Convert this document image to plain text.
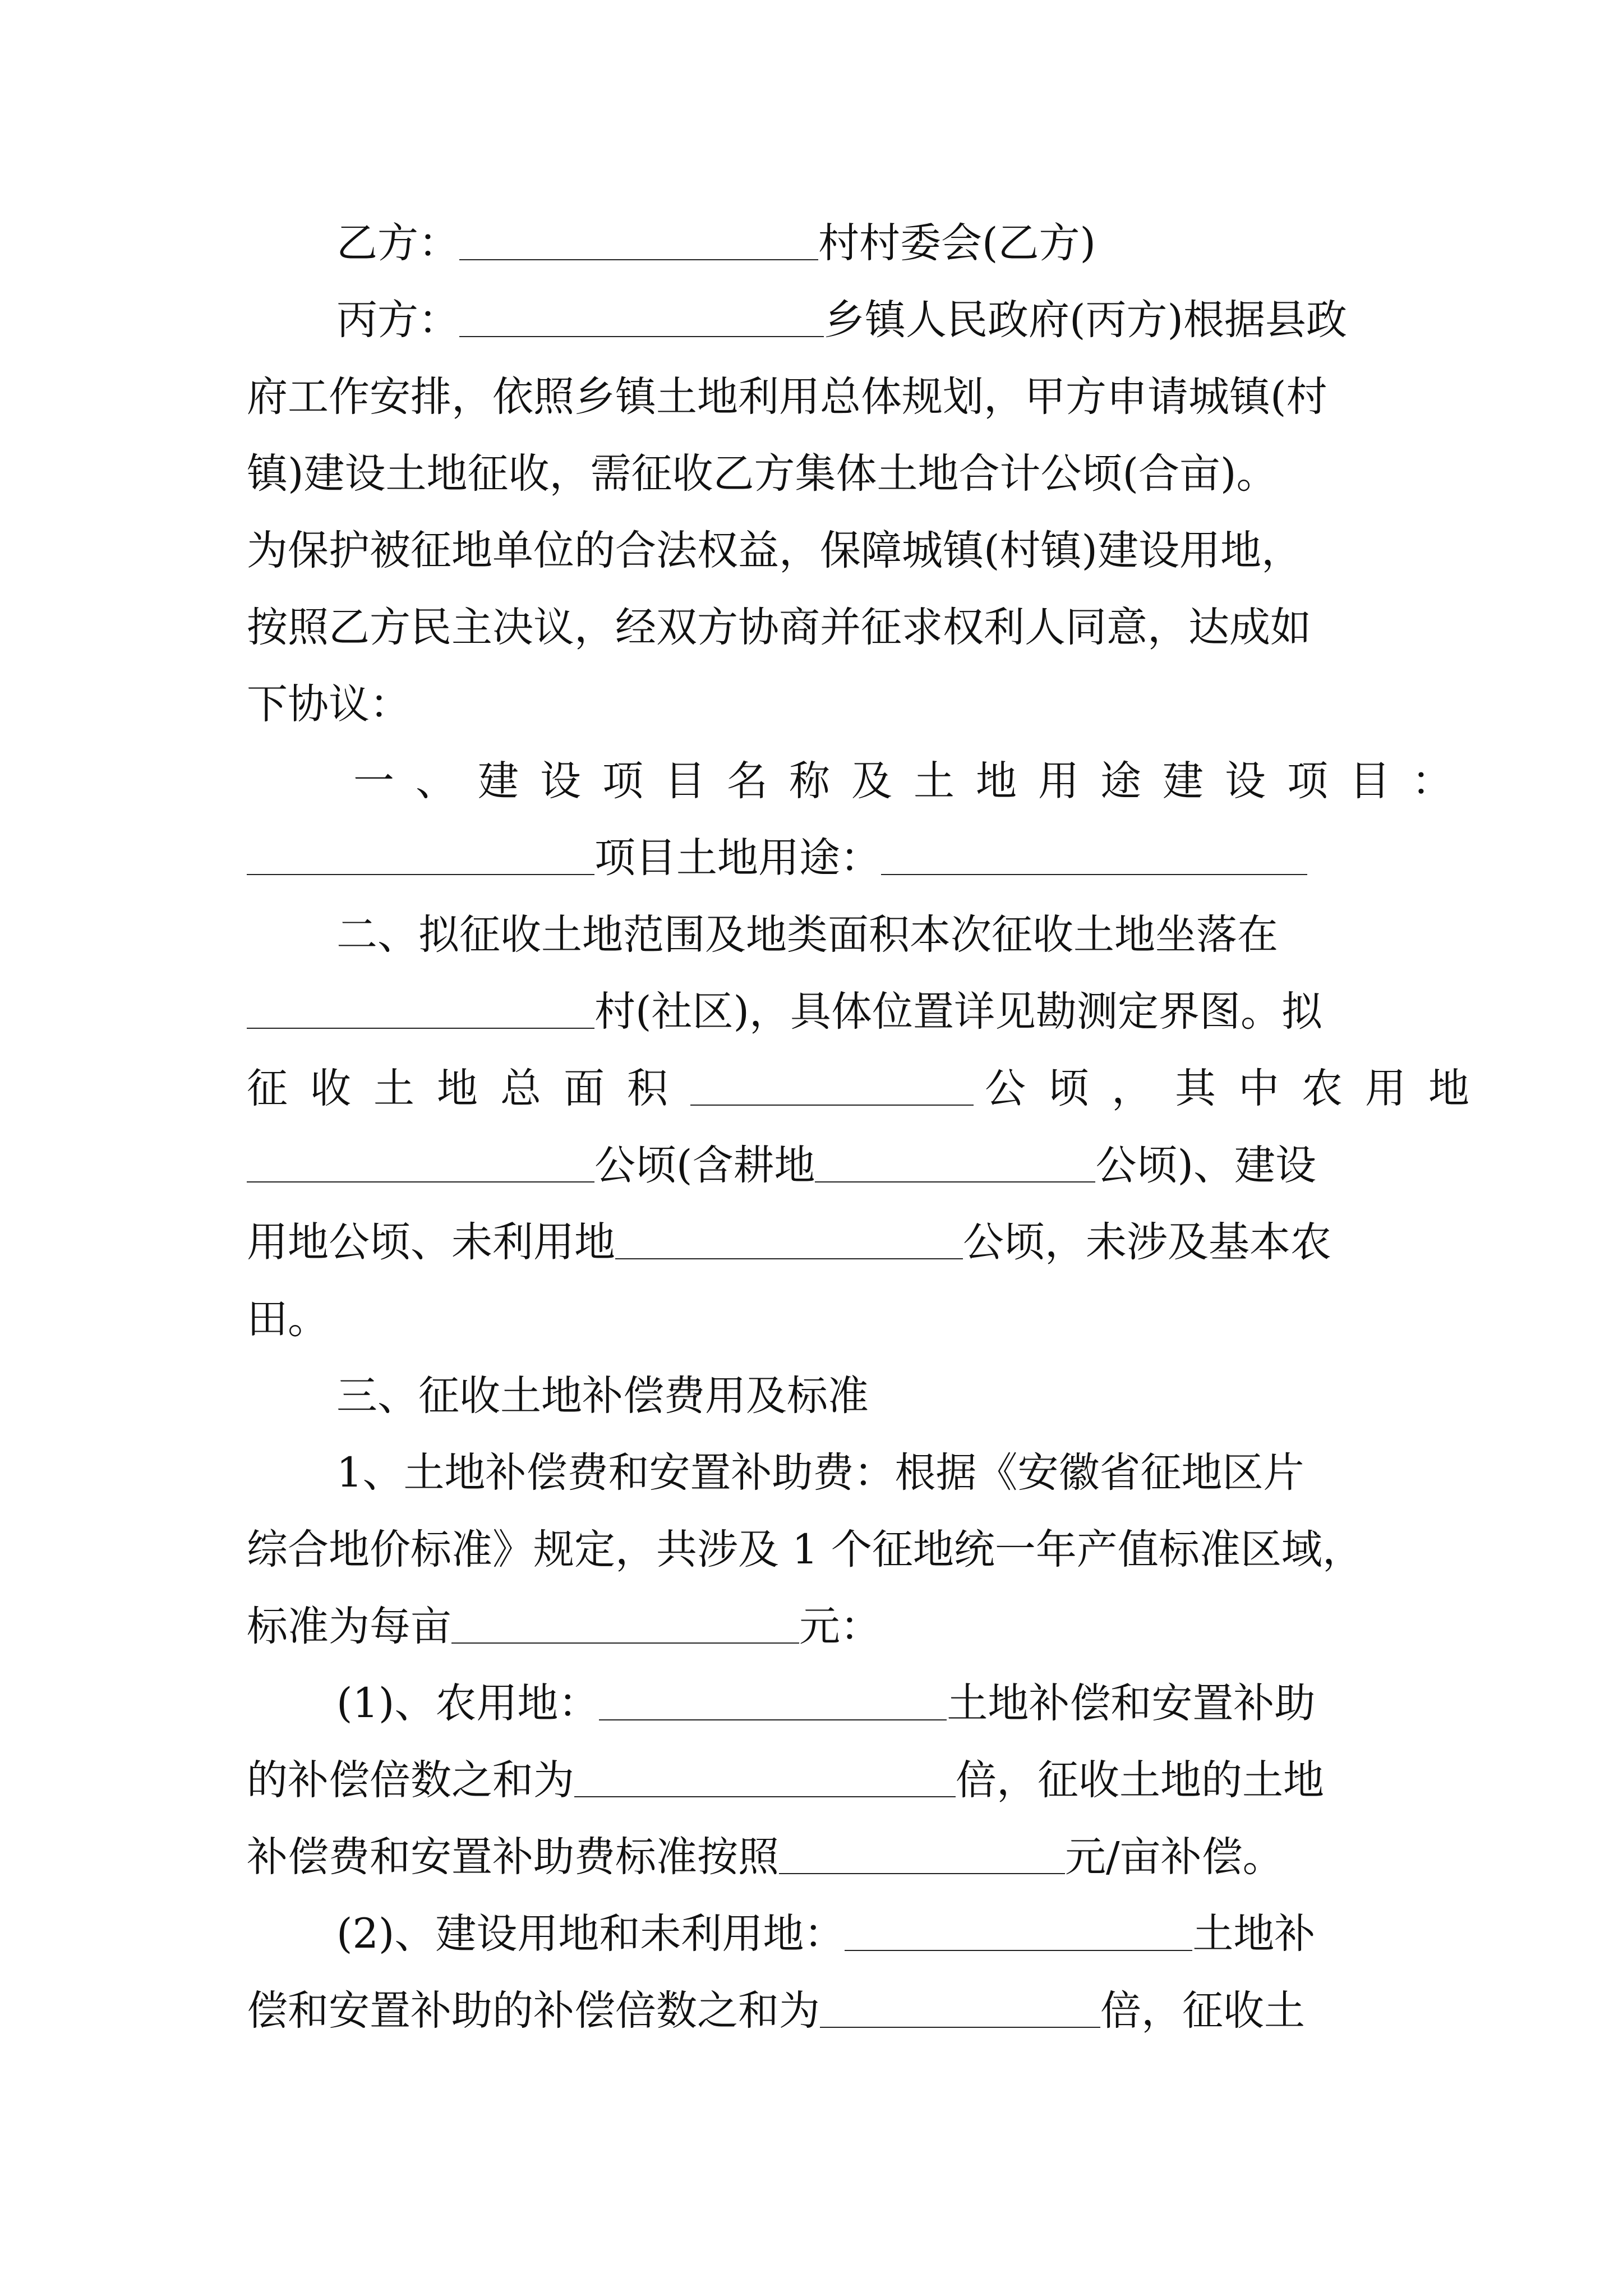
乙方：	村村委会(乙方)
丙方：	乡镇人民政府(丙方)根据县政
府工作安排，依照乡镇土地利用总体规划，甲方申请城镇(村
镇)建设土地征收，需征收乙方集体土地合计公顷(合亩)。
为保护被征地单位的合法权益，保障城镇(村镇)建设用地，
按照乙方民主决议，经双方协商并征求权利人同意，达成如
下协议：
一、建设项目名称及土地用途建设项目：
项目土地用途：
二、拟征收土地范围及地类面积本次征收土地坐落在
村(社区)，具体位置详见勘测定界图。拟
征收土地总面积	公顷，其中农用地
公顷(含耕地	公顷)、建设
用地公顷、未利用地	公顷，未涉及基本农
田。
三、征收土地补偿费用及标准
1、土地补偿费和安置补助费：根据《安徽省征地区片
综合地价标准》规定，共涉及 1 个征地统一年产值标准区域，
标准为每亩	元：
(1)、农用地：	土地补偿和安置补助
的补偿倍数之和为	倍，征收土地的土地
补偿费和安置补助费标准按照	元/亩补偿。
(2)、建设用地和未利用地：	土地补
偿和安置补助的补偿倍数之和为	倍，征收土
